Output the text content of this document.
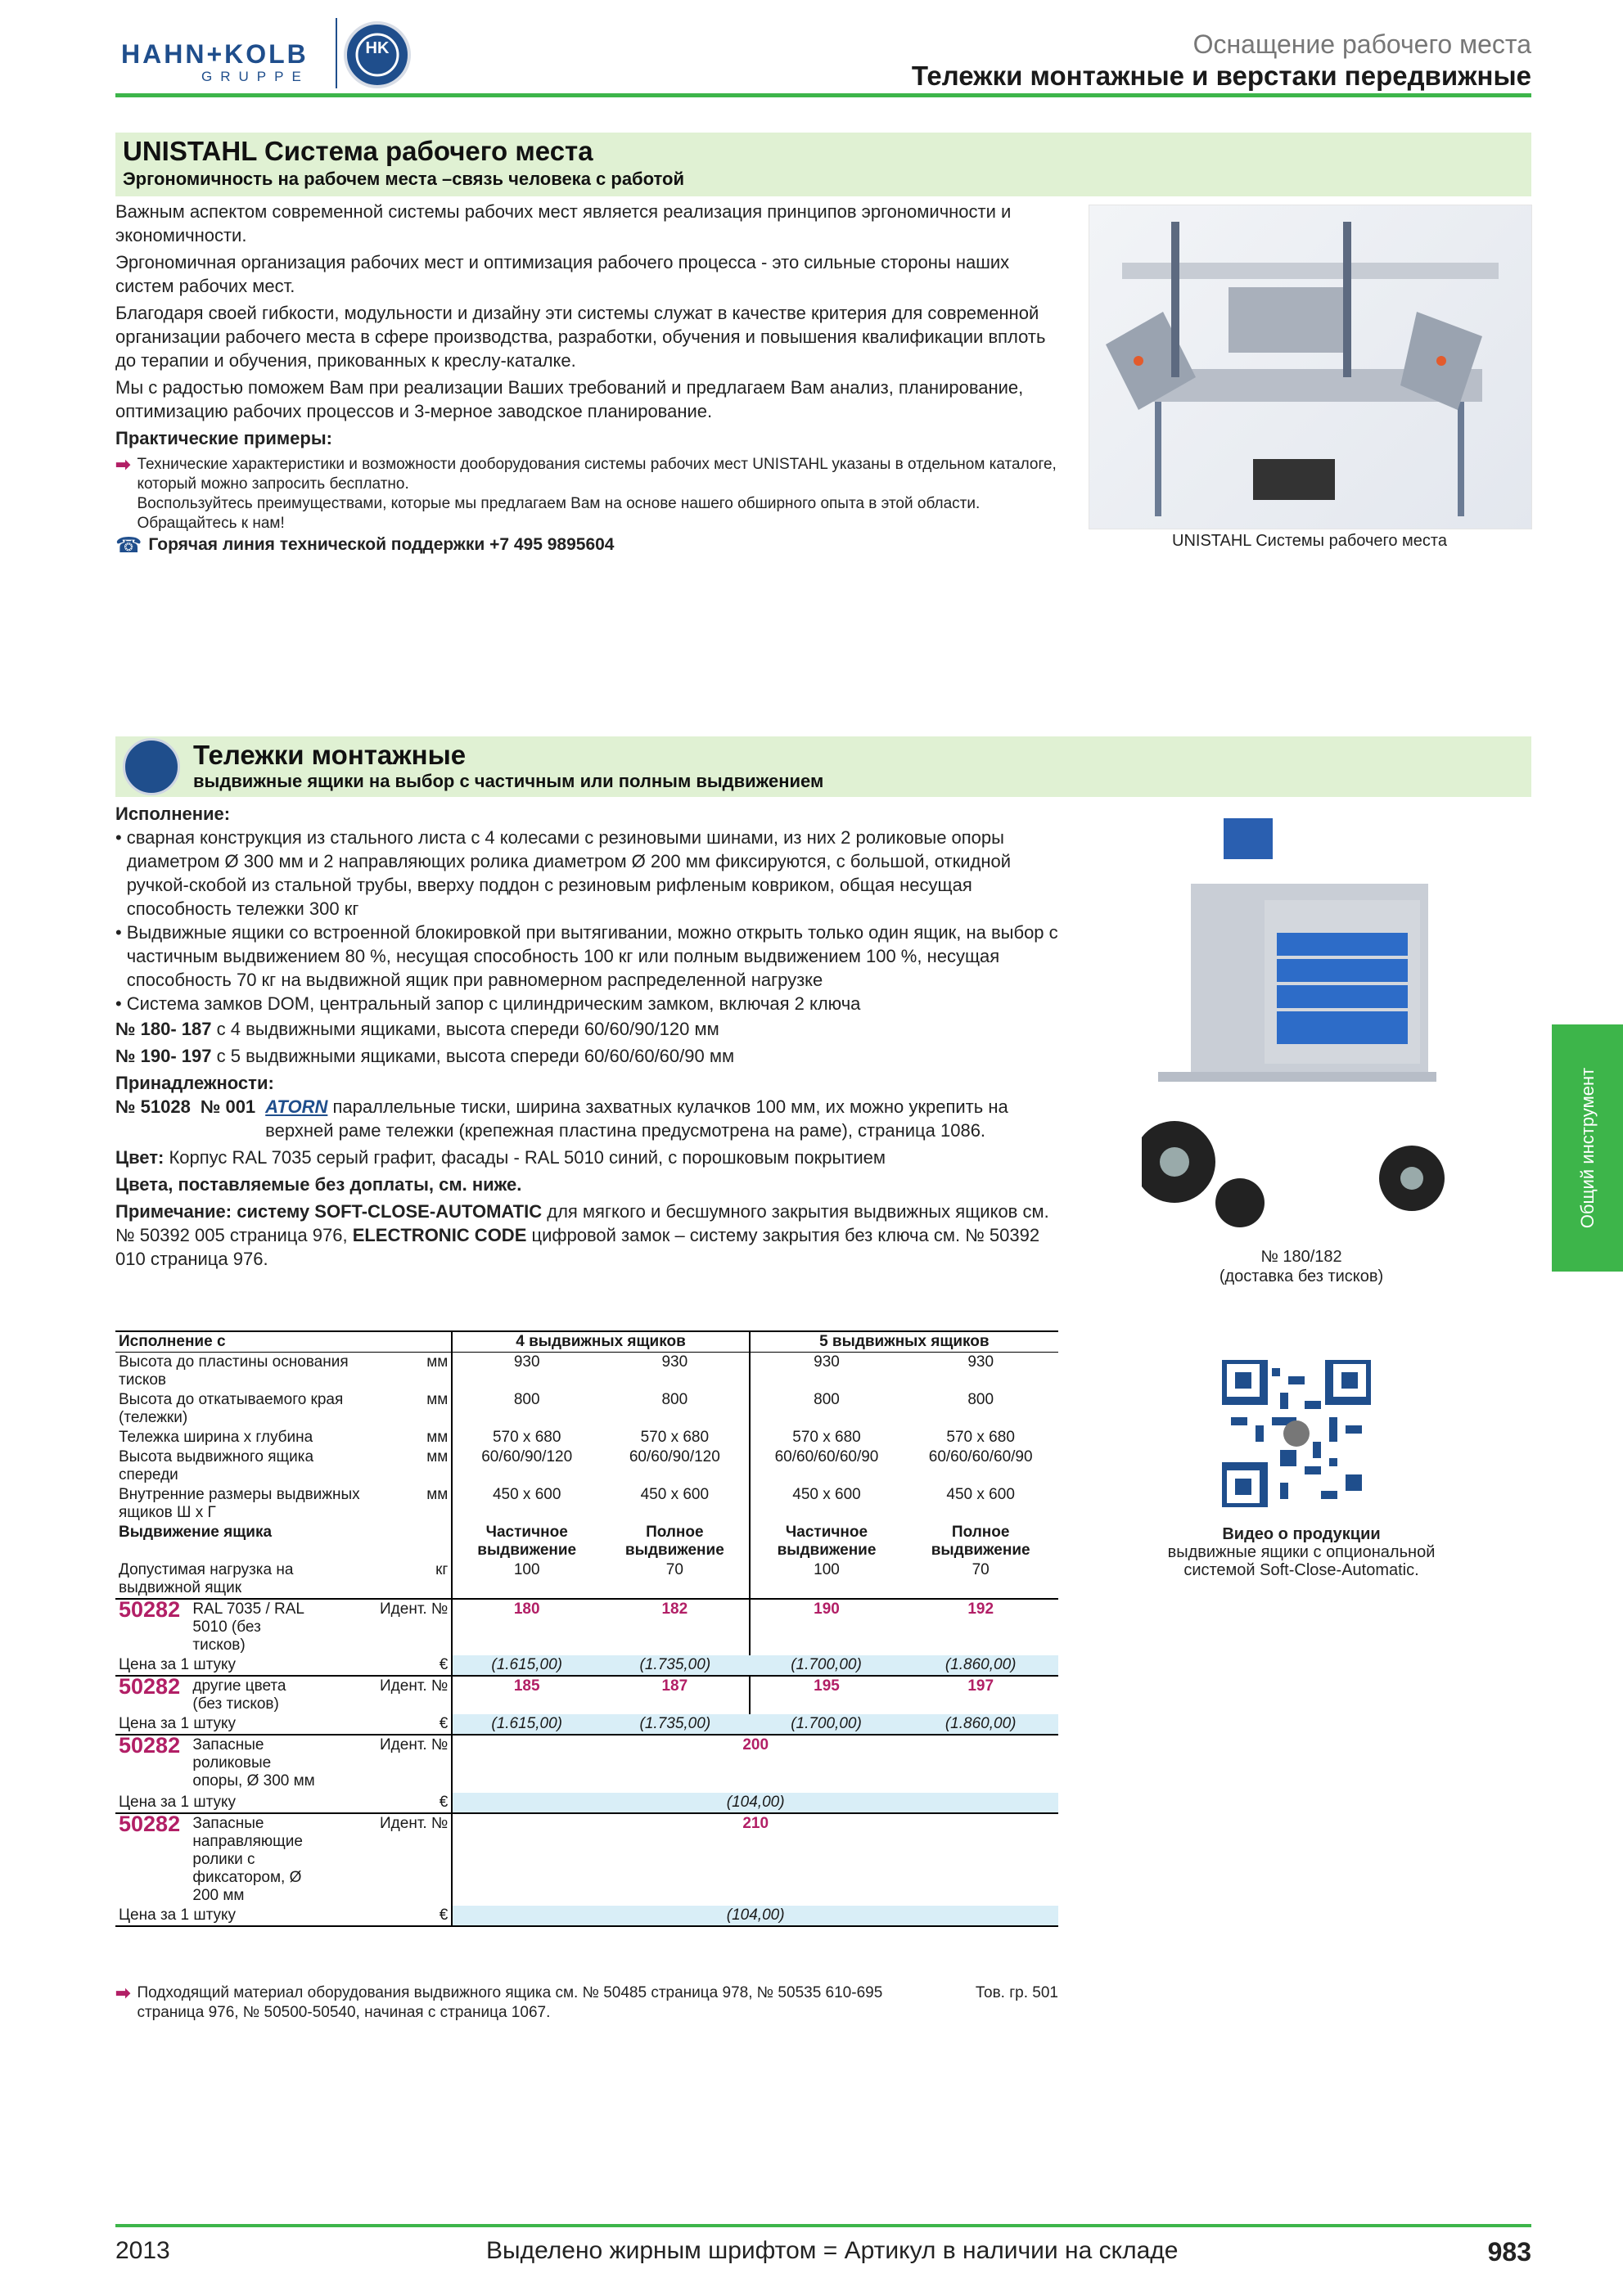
HAHN+KOLB
GRUPPE
HK	Оснащение рабочего места
Тележки монтажные и верстаки передвижные
UNISTAHL Система рабочего места
Эргономичность на рабочем места –связь человека с работой
Важным аспектом современной системы рабочих мест является реализация принципов эргономичности и экономичности.
Эргономичная организация рабочих мест и оптимизация рабочего процесса - это сильные стороны наших систем рабочих мест.
Благодаря своей гибкости, модульности и дизайну эти системы служат в качестве критерия для современной организации рабочего места в сфере производства, разработки, обучения и повышения квалификации вплоть до терапии и обучения, прикованных к креслу-каталке.
Мы с радостью поможем Вам при реализации Ваших требований и предлагаем Вам анализ, планирование, оптимизацию рабочих процессов и 3-мерное заводское планирование.
Практические примеры:
➡ Технические характеристики и возможности дооборудования системы рабочих мест UNISTAHL указаны в отдельном каталоге, который можно запросить бесплатно.
Воспользуйтесь преимуществами, которые мы предлагаем Вам на основе нашего обширного опыта в этой области. Обращайтесь к нам!
☎ Горячая линия технической поддержки +7 495 9895604	UNISTAHL Системы рабочего места
Тележки монтажные
выдвижные ящики на выбор с частичным или полным выдвижением
Исполнение:
• сварная конструкция из стального листа с 4 колесами с резиновыми шинами, из них 2 роликовые опоры диаметром Ø 300 мм и 2 направляющих ролика диаметром Ø 200 мм фиксируются, с большой, откидной ручкой-скобой из стальной трубы, вверху поддон с резиновым рифленым ковриком, общая несущая способность тележки 300 кг
• Выдвижные ящики со встроенной блокировкой при вытягивании, можно открыть только один ящик, на выбор с частичным выдвижением 80 %, несущая способность 100 кг или полным выдвижением 100 %, несущая способность 70 кг на выдвижной ящик при равномерном распределенной нагрузке
• Система замков DOM, центральный запор с цилиндрическим замком, включая 2 ключа
№ 180- 187 с 4 выдвижными ящиками, высота спереди 60/60/90/120 мм
№ 190- 197 с 5 выдвижными ящиками, высота спереди 60/60/60/60/90 мм
Принадлежности:
№ 51028 № 001 ATORN параллельные тиски, ширина захватных кулачков 100 мм, их можно укрепить на верхней раме тележки (крепежная пластина предусмотрена на раме), страница 1086.
Цвет: Корпус RAL 7035 серый графит, фасады - RAL 5010 синий, с порошковым покрытием
Цвета, поставляемые без доплаты, см. ниже.
Примечание: систему SOFT-CLOSE-AUTOMATIC для мягкого и бесшумного закрытия выдвижных ящиков см. № 50392 005 страница 976, ELECTRONIC CODE цифровой замок – систему закрытия без ключа см. № 50392 010 страница 976.	№ 180/182
(доставка без тисков)
Видео о продукции
выдвижные ящики с опциональной системой Soft-Close-Automatic.
Общий инструмент
Исполнение с		4 выдвижных ящиков		5 выдвижных ящиков	
Высота до пластины основания тисков	мм	930	930	930	930
Высота до откатываемого края (тележки)	мм	800	800	800	800
Тележка ширина х глубина	мм	570 x 680	570 x 680	570 x 680	570 x 680
Высота выдвижного ящика спереди	мм	60/60/90/120	60/60/90/120	60/60/60/60/90	60/60/60/60/90
Внутренние размеры выдвижных ящиков Ш х Г	мм	450 x 600	450 x 600	450 x 600	450 x 600
Выдвижение ящика		Частичное выдвижение	Полное выдвижение	Частичное выдвижение	Полное выдвижение
Допустимая нагрузка на выдвижной ящик	кг	100	70	100	70
50282 RAL 7035 / RAL 5010 (без тисков)	Идент. №	180	182	190	192
Цена за 1 штуку	€	(1.615,00)	(1.735,00)	(1.700,00)	(1.860,00)
50282 другие цвета (без тисков)	Идент. №	185	187	195	197
Цена за 1 штуку	€	(1.615,00)	(1.735,00)	(1.700,00)	(1.860,00)
50282 Запасные роликовые опоры, Ø 300 мм	Идент. №	200			
Цена за 1 штуку	€	(104,00)			
50282 Запасные направляющие ролики с фиксатором, Ø 200 мм	Идент. №	210			
Цена за 1 штуку	€	(104,00)			
➡ Подходящий материал оборудования выдвижного ящика см. № 50485 страница 978, № 50535 610-695 страница 976, № 50500-50540, начиная с страница 1067.
Тов. гр. 501
2013	Выделено жирным шрифтом = Артикул в наличии на складе	983
